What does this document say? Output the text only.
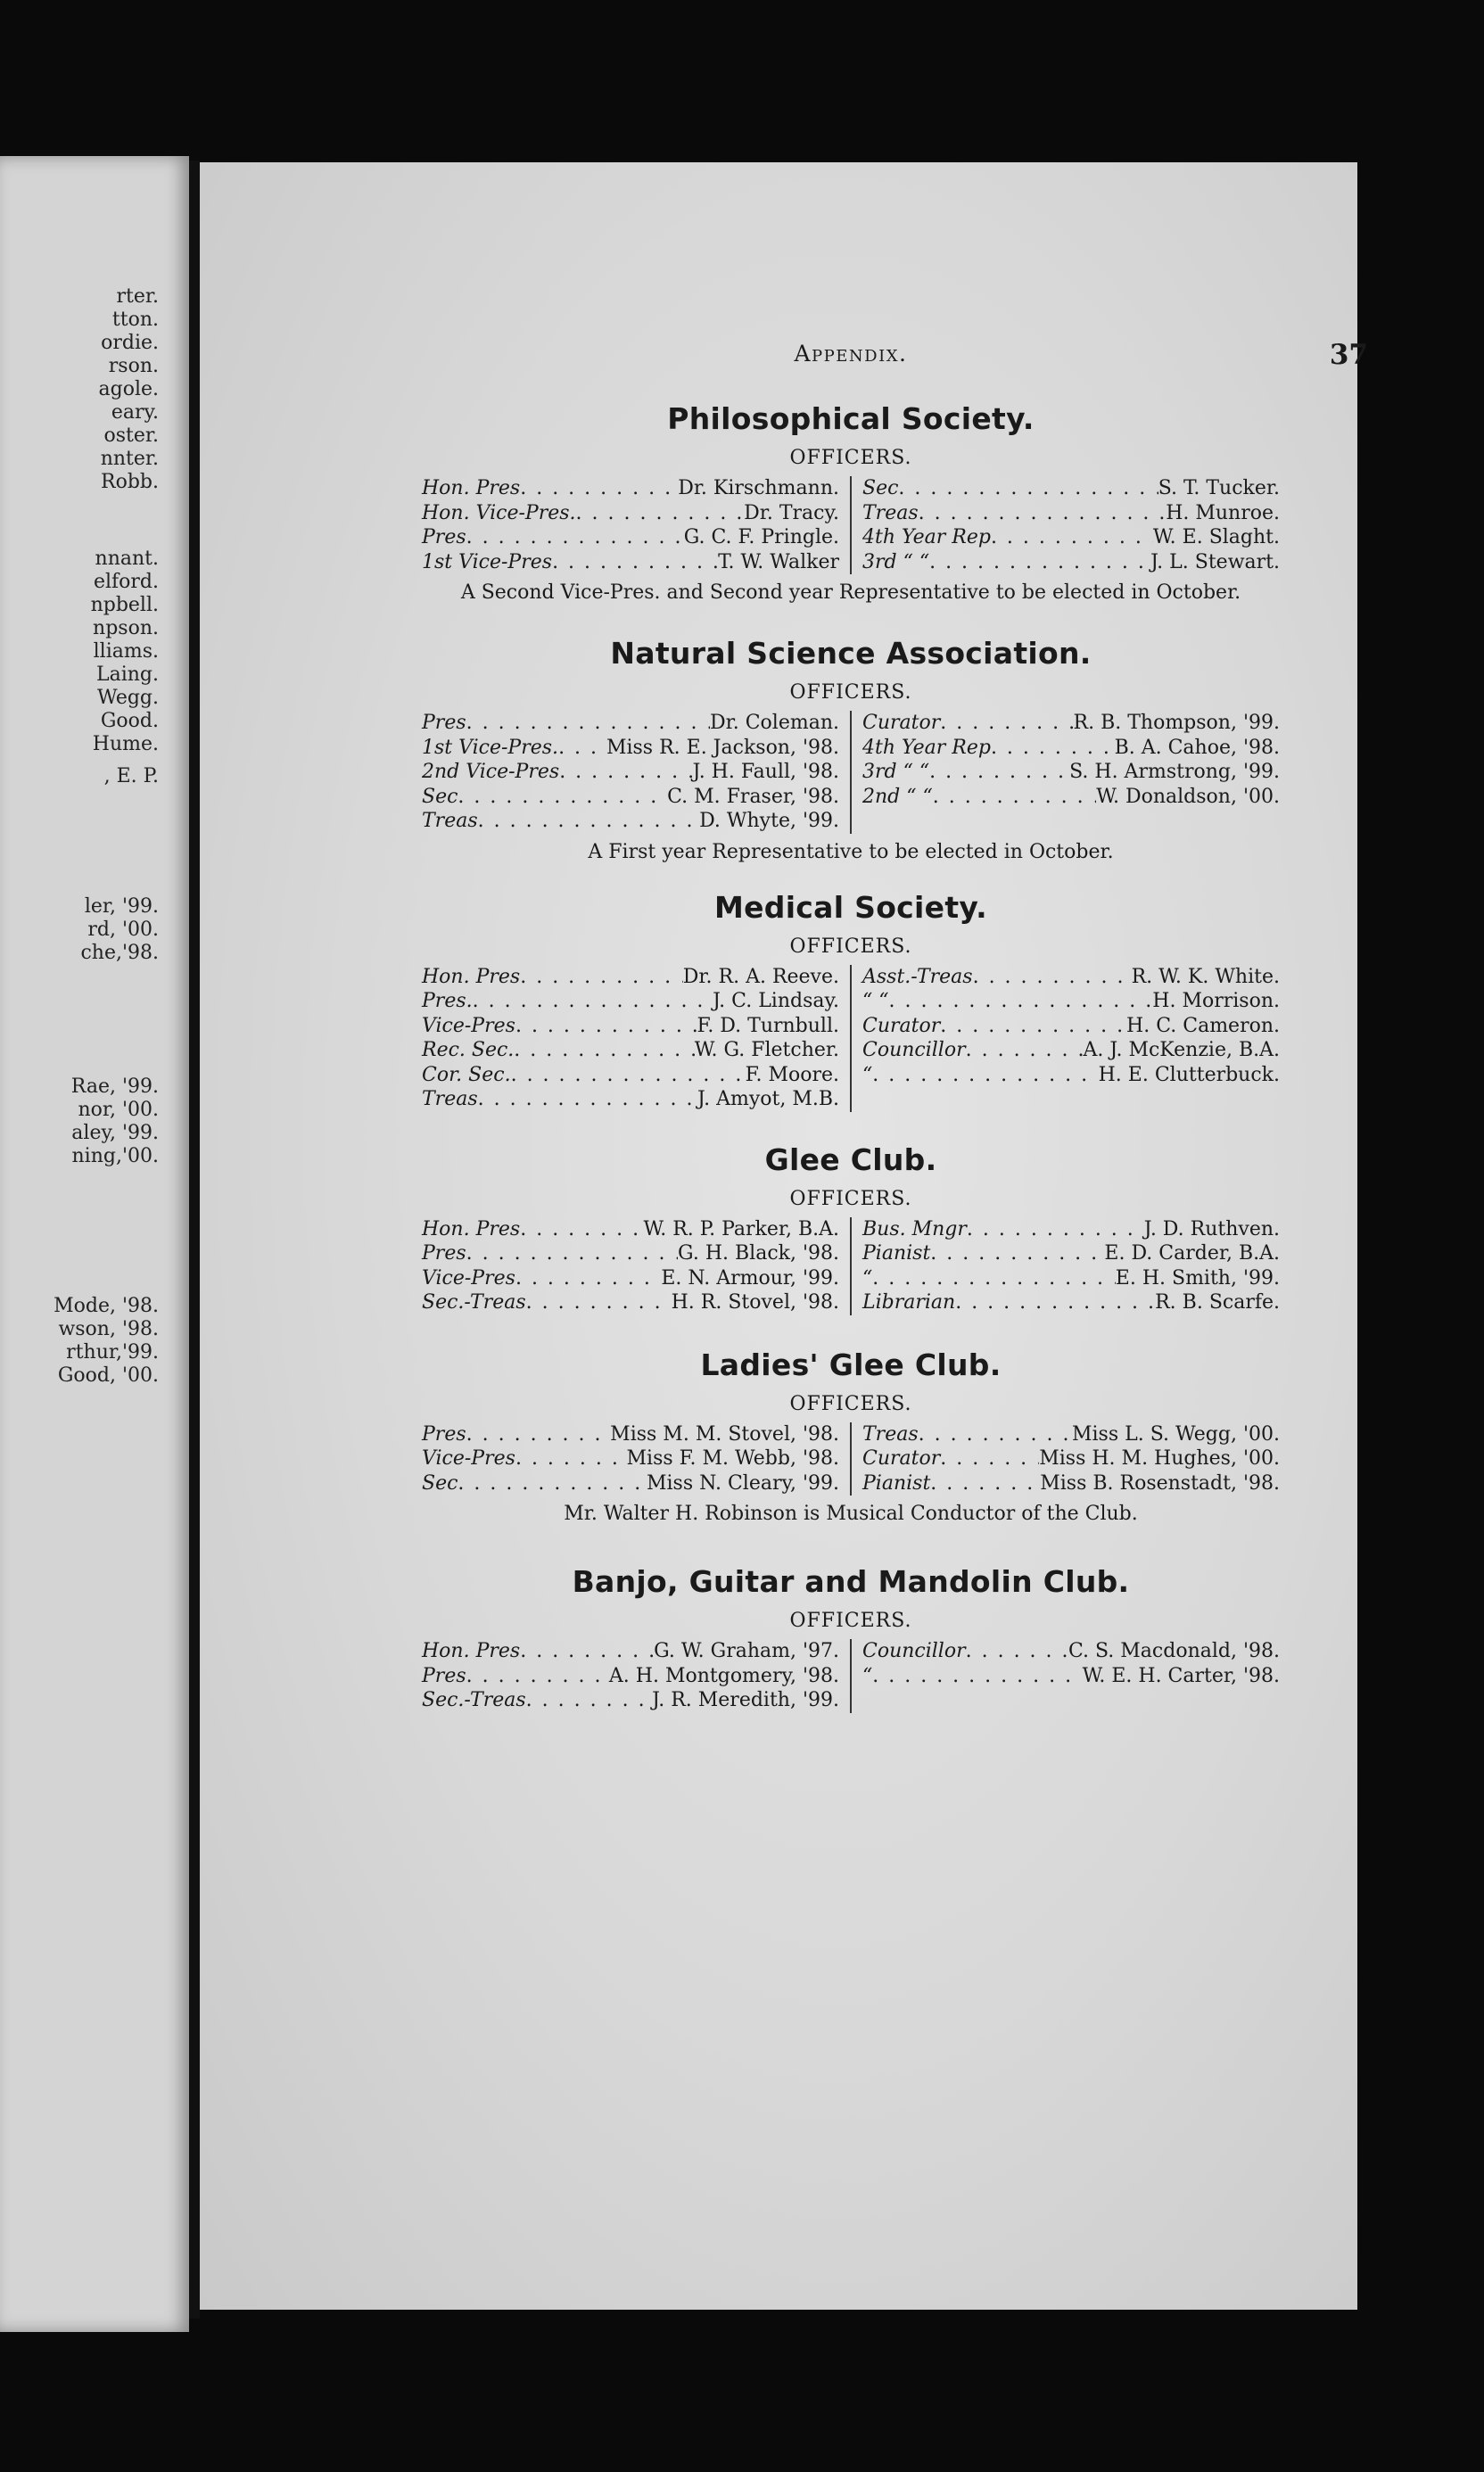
rter.
tton.
ordie.
rson.
agole.
eary.
oster.
nnter.
Robb.
nnant.
elford.
npbell.
npson.
lliams.
Laing.
Wegg.
Good.
Hume.
, E. P.
ler, '99.
rd, '00.
che,'98.
Rae, '99.
nor, '00.
aley, '99.
ning,'00.
Mode, '98.
wson, '98.
rthur,'99.
Good, '00.
Appendix.	37
Philosophical Society.
OFFICERS.
Hon. Pres . . .	Dr. Kirschmann.
Hon. Vice-Pres. . . .	Dr. Tracy.
Pres . . .	G. C. F. Pringle.
1st Vice-Pres . . .	T. W. Walker
Sec . . .	S. T. Tucker.
Treas . . .	H. Munroe.
4th Year Rep . . .	W. E. Slaght.
3rd “ “ . . .	J. L. Stewart.
A Second Vice-Pres. and Second year Representative to be elected in October.
Natural Science Association.
OFFICERS.
Pres . . .	Dr. Coleman.
1st Vice-Pres. . . . Miss R. E. Jackson, '98.
2nd Vice-Pres . . .	J. H. Faull, '98.
Sec . . .	C. M. Fraser, '98.
Treas . . .	D. Whyte, '99.
Curator . . .	R. B. Thompson, '99.
4th Year Rep . . .	B. A. Cahoe, '98.
3rd “ “ . . .	S. H. Armstrong, '99.
2nd “ “ . . .	W. Donaldson, '00.
A First year Representative to be elected in October.
Medical Society.
OFFICERS.
Hon. Pres . . .	Dr. R. A. Reeve.
Pres. . . .	J. C. Lindsay.
Vice-Pres . . .	F. D. Turnbull.
Rec. Sec. . . .	W. G. Fletcher.
Cor. Sec. . . .	F. Moore.
Treas . . .	J. Amyot, M.B.
Asst.-Treas . . .	R. W. K. White.
“ “ . . .	H. Morrison.
Curator . . .	H. C. Cameron.
Councillor . . .	A. J. McKenzie, B.A.
“ . . .	H. E. Clutterbuck.
Glee Club.
OFFICERS.
Hon. Pres . . .	W. R. P. Parker, B.A.
Pres . . .	G. H. Black, '98.
Vice-Pres . . .	E. N. Armour, '99.
Sec.-Treas . . .	H. R. Stovel, '98.
Bus. Mngr . . .	J. D. Ruthven.
Pianist . . .	E. D. Carder, B.A.
“ . . .	E. H. Smith, '99.
Librarian . . .	R. B. Scarfe.
Ladies' Glee Club.
OFFICERS.
Pres . . .	Miss M. M. Stovel, '98.
Vice-Pres . . .	Miss F. M. Webb, '98.
Sec . . .	Miss N. Cleary, '99.
Treas . . .	Miss L. S. Wegg, '00.
Curator . . .	Miss H. M. Hughes, '00.
Pianist . . .	Miss B. Rosenstadt, '98.
Mr. Walter H. Robinson is Musical Conductor of the Club.
Banjo, Guitar and Mandolin Club.
OFFICERS.
Hon. Pres . . .	G. W. Graham, '97.
Pres . . .	A. H. Montgomery, '98.
Sec.-Treas . . .	J. R. Meredith, '99.
Councillor . . .	C. S. Macdonald, '98.
“ . . .	W. E. H. Carter, '98.
